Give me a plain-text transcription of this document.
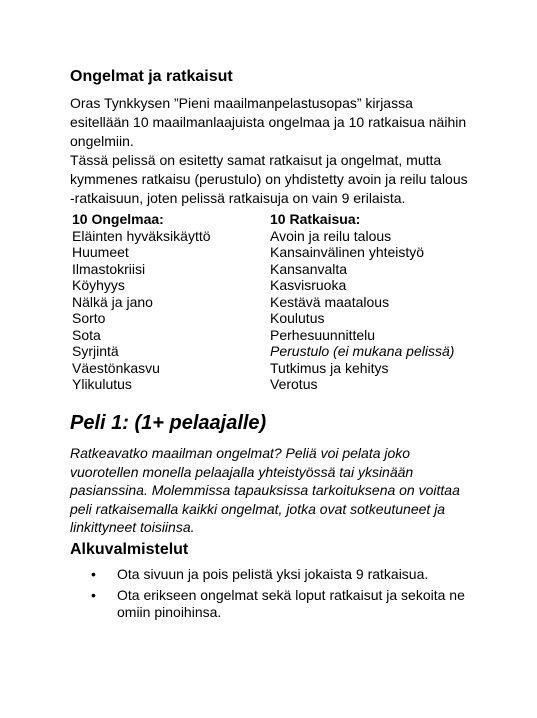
Ongelmat ja ratkaisut

Oras Tynkkysen ”Pieni maailmanpelastusopas” kirjassa esitellään 10 maailmanlaajuista ongelmaa ja 10 ratkaisua näihin ongelmiin.

Tässä pelissä on esitetty samat ratkaisut ja ongelmat, mutta kymmenes ratkaisu (perustulo) on yhdistetty avoin ja reilu talous -ratkaisuun, joten pelissä ratkaisuja on vain 9 erilaista.

10 Ongelmaa:
Eläinten hyväksikäyttö
Huumeet
Ilmastokriisi
Köyhyys
Nälkä ja jano
Sorto
Sota
Syrjintä
Väestönkasvu
Ylikulutus
10 Ratkaisua:
Avoin ja reilu talous
Kansainvälinen yhteistyö
Kansanvalta
Kasvisruoka
Kestävä maatalous
Koulutus
Perhesuunnittelu
Perustulo (ei mukana pelissä)
Tutkimus ja kehitys
Verotus
Peli 1: (1+ pelaajalle)

Ratkeavatko maailman ongelmat? Peliä voi pelata joko vuorotellen monella pelaajalla yhteistyössä tai yksinään pasianssina. Molemmissa tapauksissa tarkoituksena on voittaa peli ratkaisemalla kaikki ongelmat, jotka ovat sotkeutuneet ja linkittyneet toisiinsa.

Alkuvalmistelut
• Ota sivuun ja pois pelistä yksi jokaista 9 ratkaisua.
• Ota erikseen ongelmat sekä loput ratkaisut ja sekoita ne omiin pinoihinsa.
